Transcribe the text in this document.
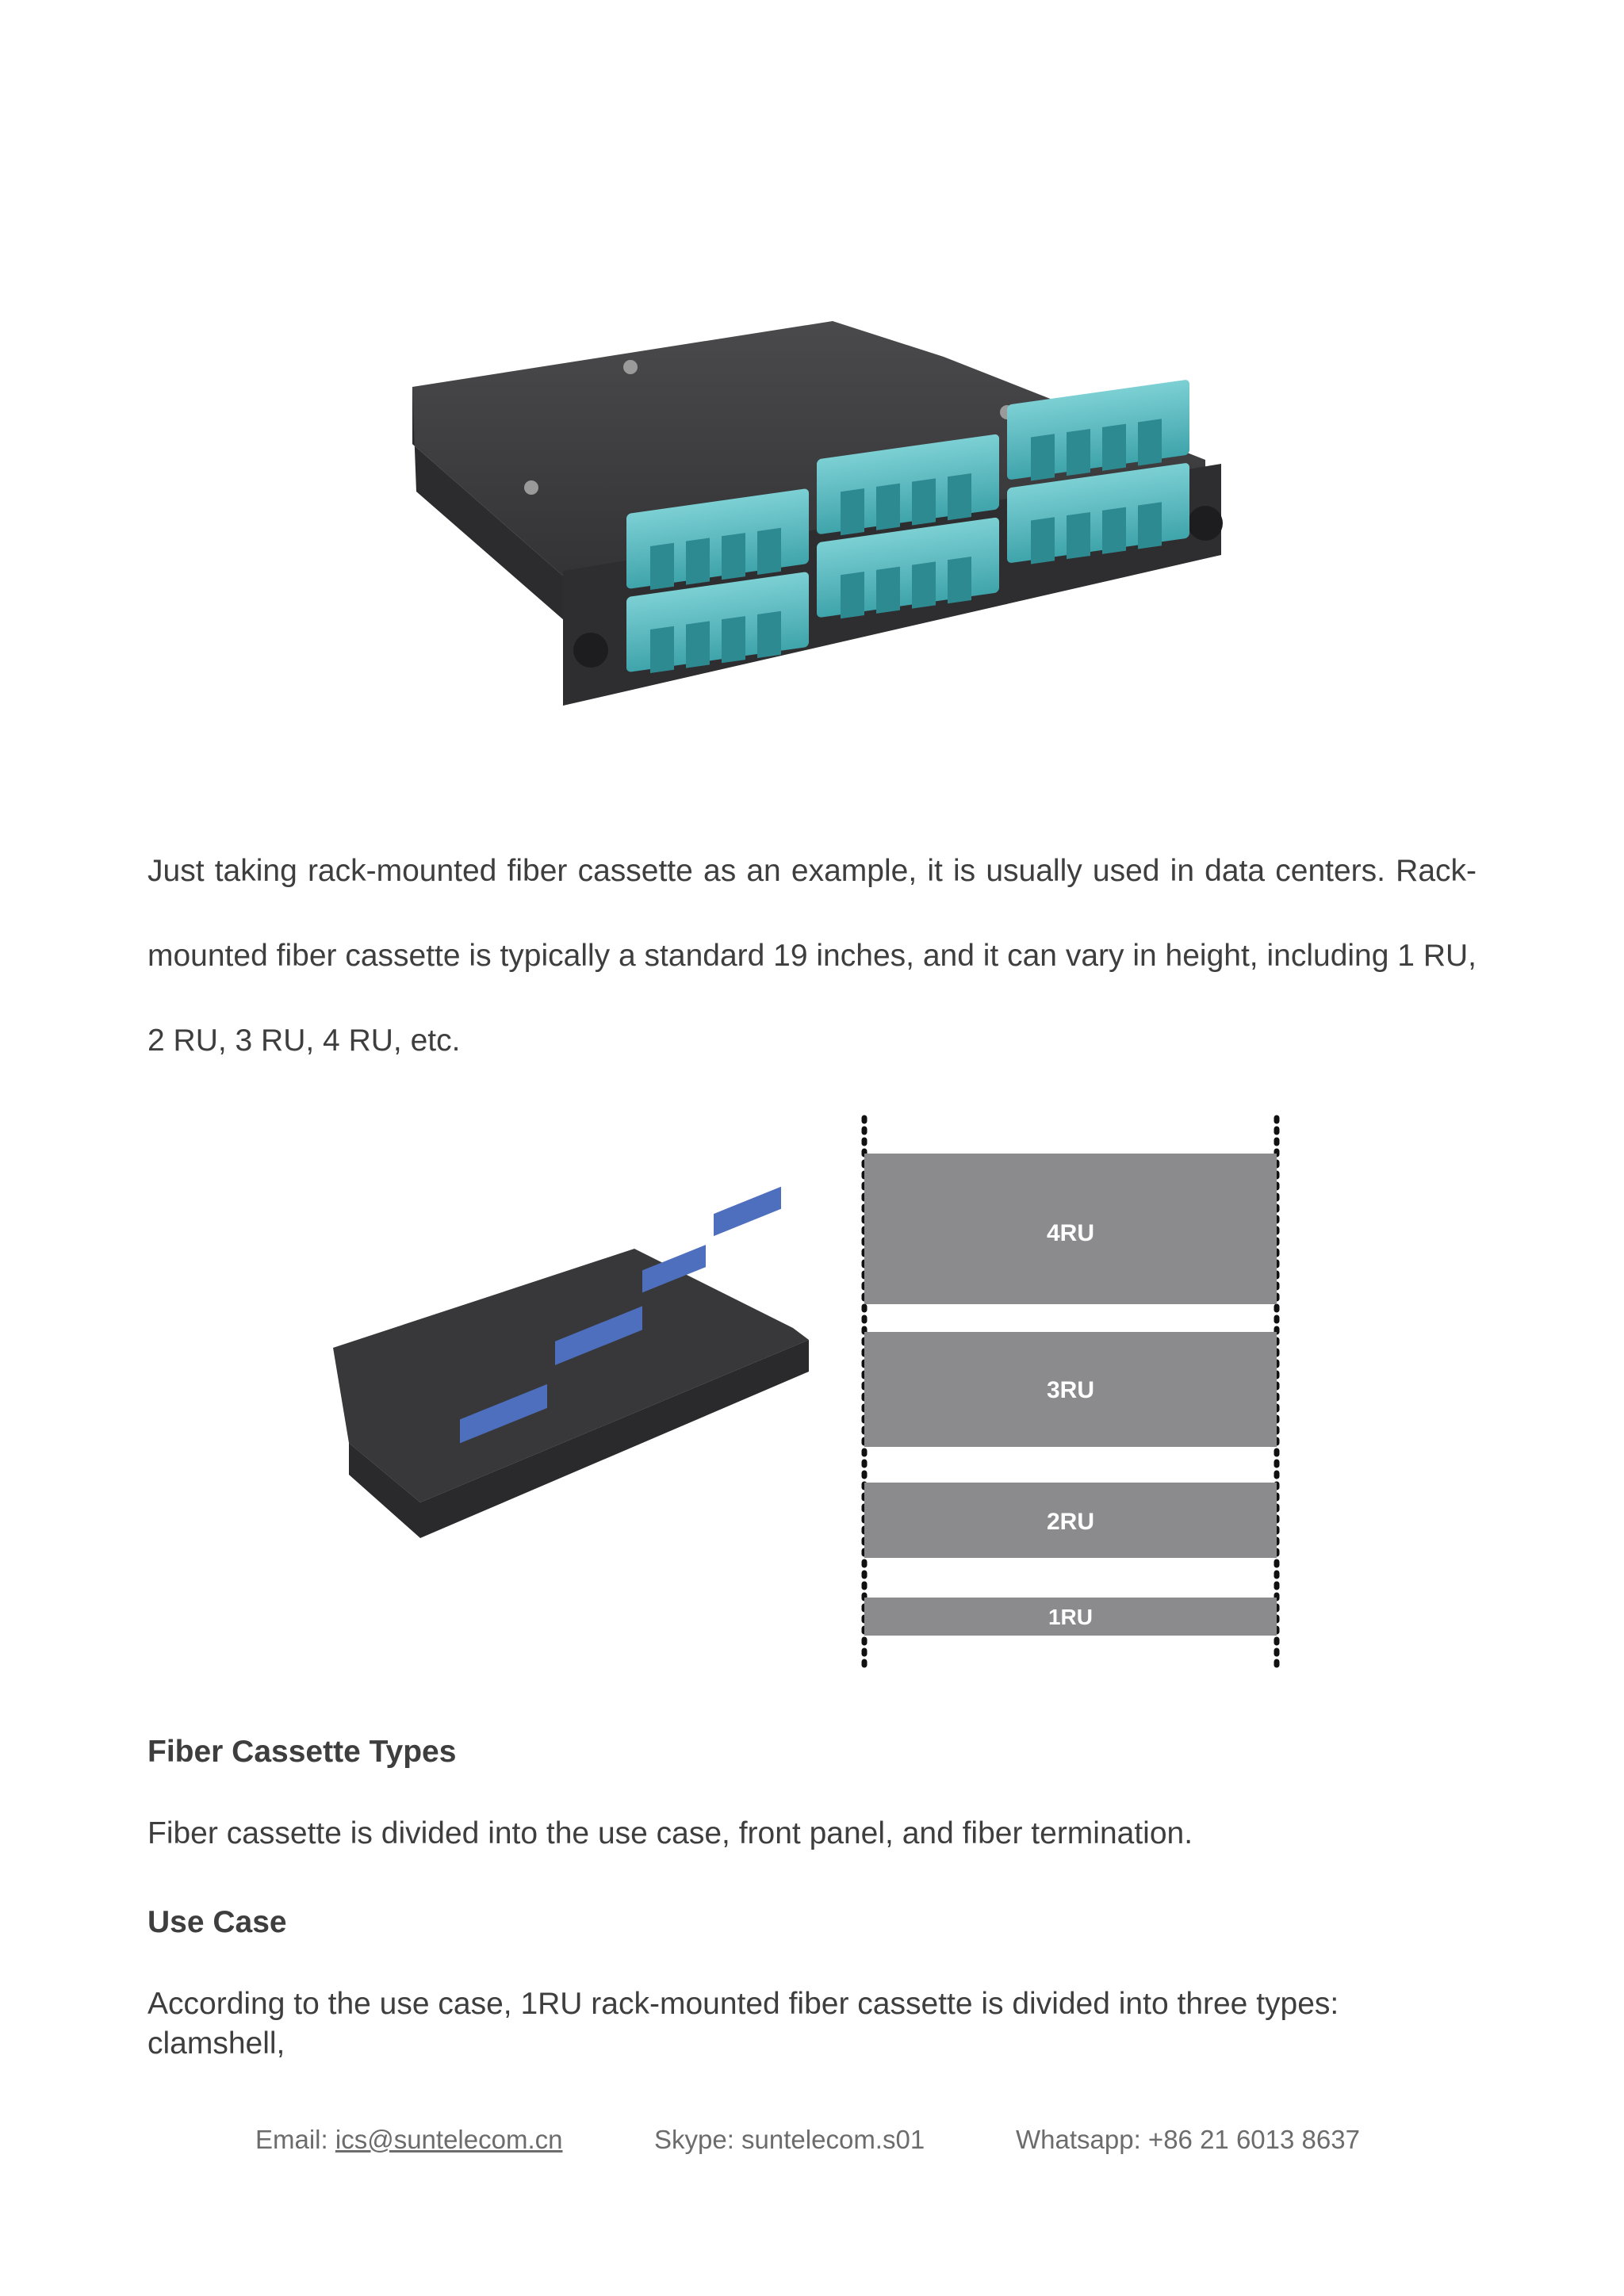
Just taking rack-mounted fiber cassette as an example, it is usually used in data centers. Rack-mounted fiber cassette is typically a standard 19 inches, and it can vary in height, including 1 RU, 2 RU, 3 RU, 4 RU, etc.

4RU
3RU
2RU
1RU
Fiber Cassette Types

Fiber cassette is divided into the use case, front panel, and fiber termination.

Use Case

According to the use case, 1RU rack-mounted fiber cassette is divided into three types: clamshell,

Email: ics@suntelecom.cn	Skype: suntelecom.s01	Whatsapp: +86 21 6013 8637
